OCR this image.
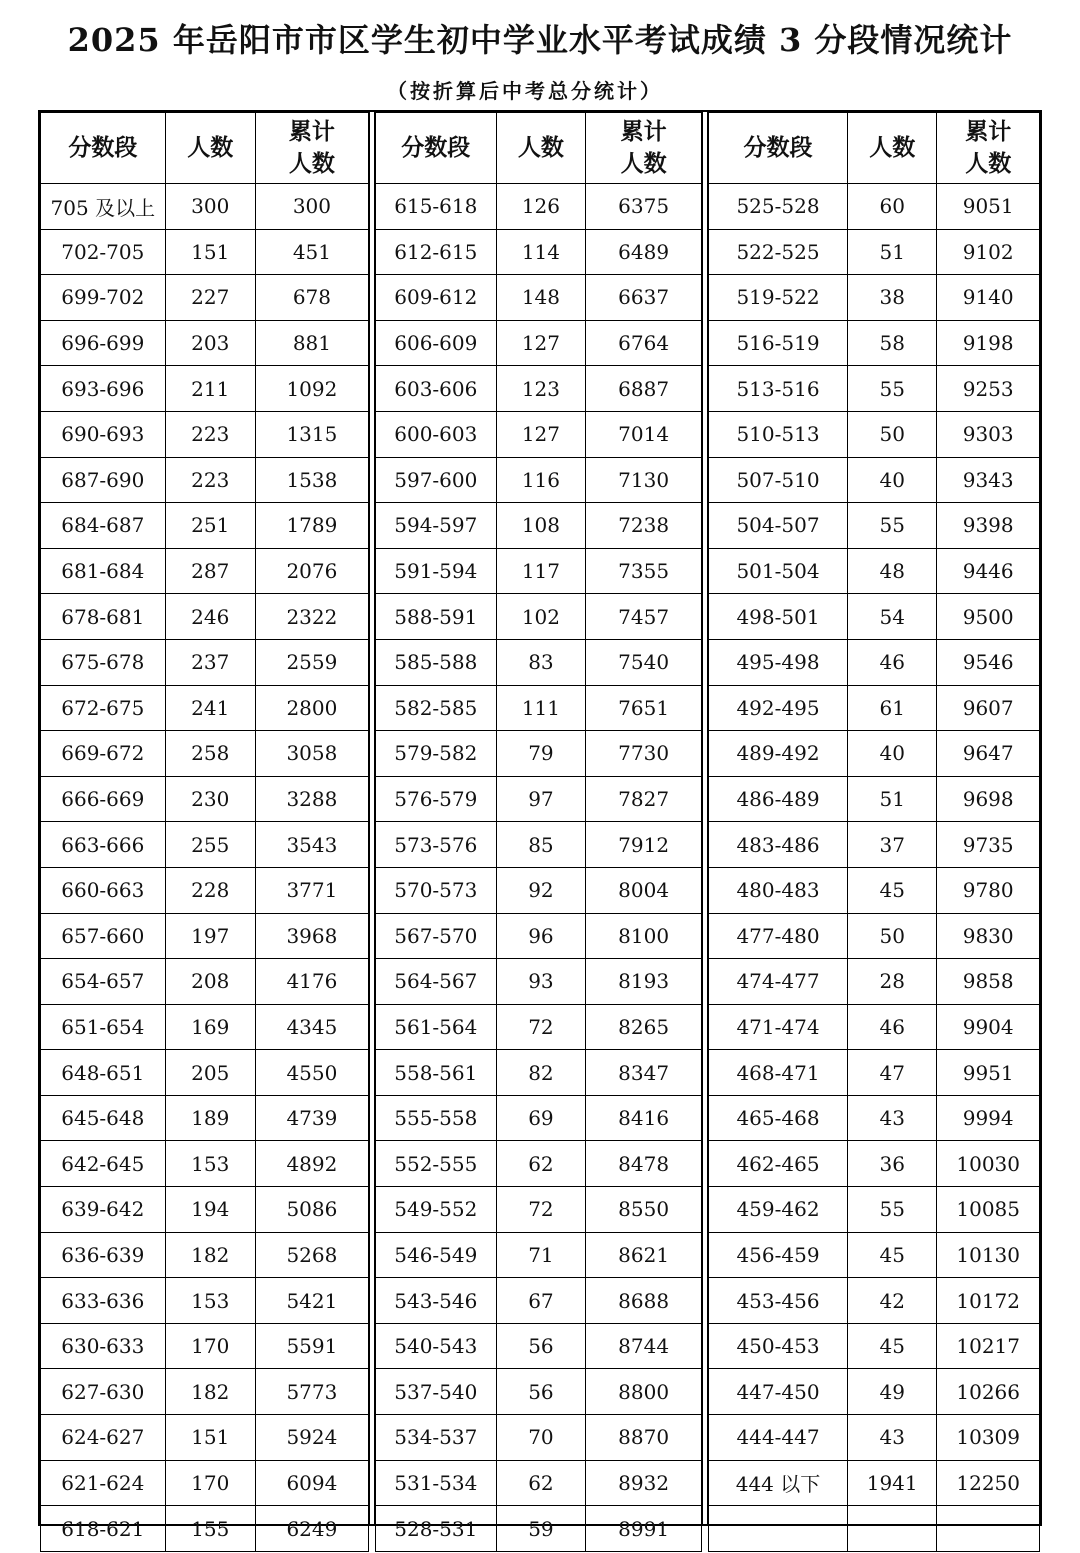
2025 年岳阳市市区学生初中学业水平考试成绩 3 分段情况统计
（按折算后中考总分统计）
分数段	人数	累计
人数

705 及以上	300	300
702-705	151	451
699-702	227	678
696-699	203	881
693-696	211	1092
690-693	223	1315
687-690	223	1538
684-687	251	1789
681-684	287	2076
678-681	246	2322
675-678	237	2559
672-675	241	2800
669-672	258	3058
666-669	230	3288
663-666	255	3543
660-663	228	3771
657-660	197	3968
654-657	208	4176
651-654	169	4345
648-651	205	4550
645-648	189	4739
642-645	153	4892
639-642	194	5086
636-639	182	5268
633-636	153	5421
630-633	170	5591
627-630	182	5773
624-627	151	5924
621-624	170	6094
618-621	155	6249
分数段	人数	累计
人数

615-618	126	6375
612-615	114	6489
609-612	148	6637
606-609	127	6764
603-606	123	6887
600-603	127	7014
597-600	116	7130
594-597	108	7238
591-594	117	7355
588-591	102	7457
585-588	83	7540
582-585	111	7651
579-582	79	7730
576-579	97	7827
573-576	85	7912
570-573	92	8004
567-570	96	8100
564-567	93	8193
561-564	72	8265
558-561	82	8347
555-558	69	8416
552-555	62	8478
549-552	72	8550
546-549	71	8621
543-546	67	8688
540-543	56	8744
537-540	56	8800
534-537	70	8870
531-534	62	8932
528-531	59	8991
分数段	人数	累计
人数

525-528	60	9051
522-525	51	9102
519-522	38	9140
516-519	58	9198
513-516	55	9253
510-513	50	9303
507-510	40	9343
504-507	55	9398
501-504	48	9446
498-501	54	9500
495-498	46	9546
492-495	61	9607
489-492	40	9647
486-489	51	9698
483-486	37	9735
480-483	45	9780
477-480	50	9830
474-477	28	9858
471-474	46	9904
468-471	47	9951
465-468	43	9994
462-465	36	10030
459-462	55	10085
456-459	45	10130
453-456	42	10172
450-453	45	10217
447-450	49	10266
444-447	43	10309
444 以下	1941	12250
